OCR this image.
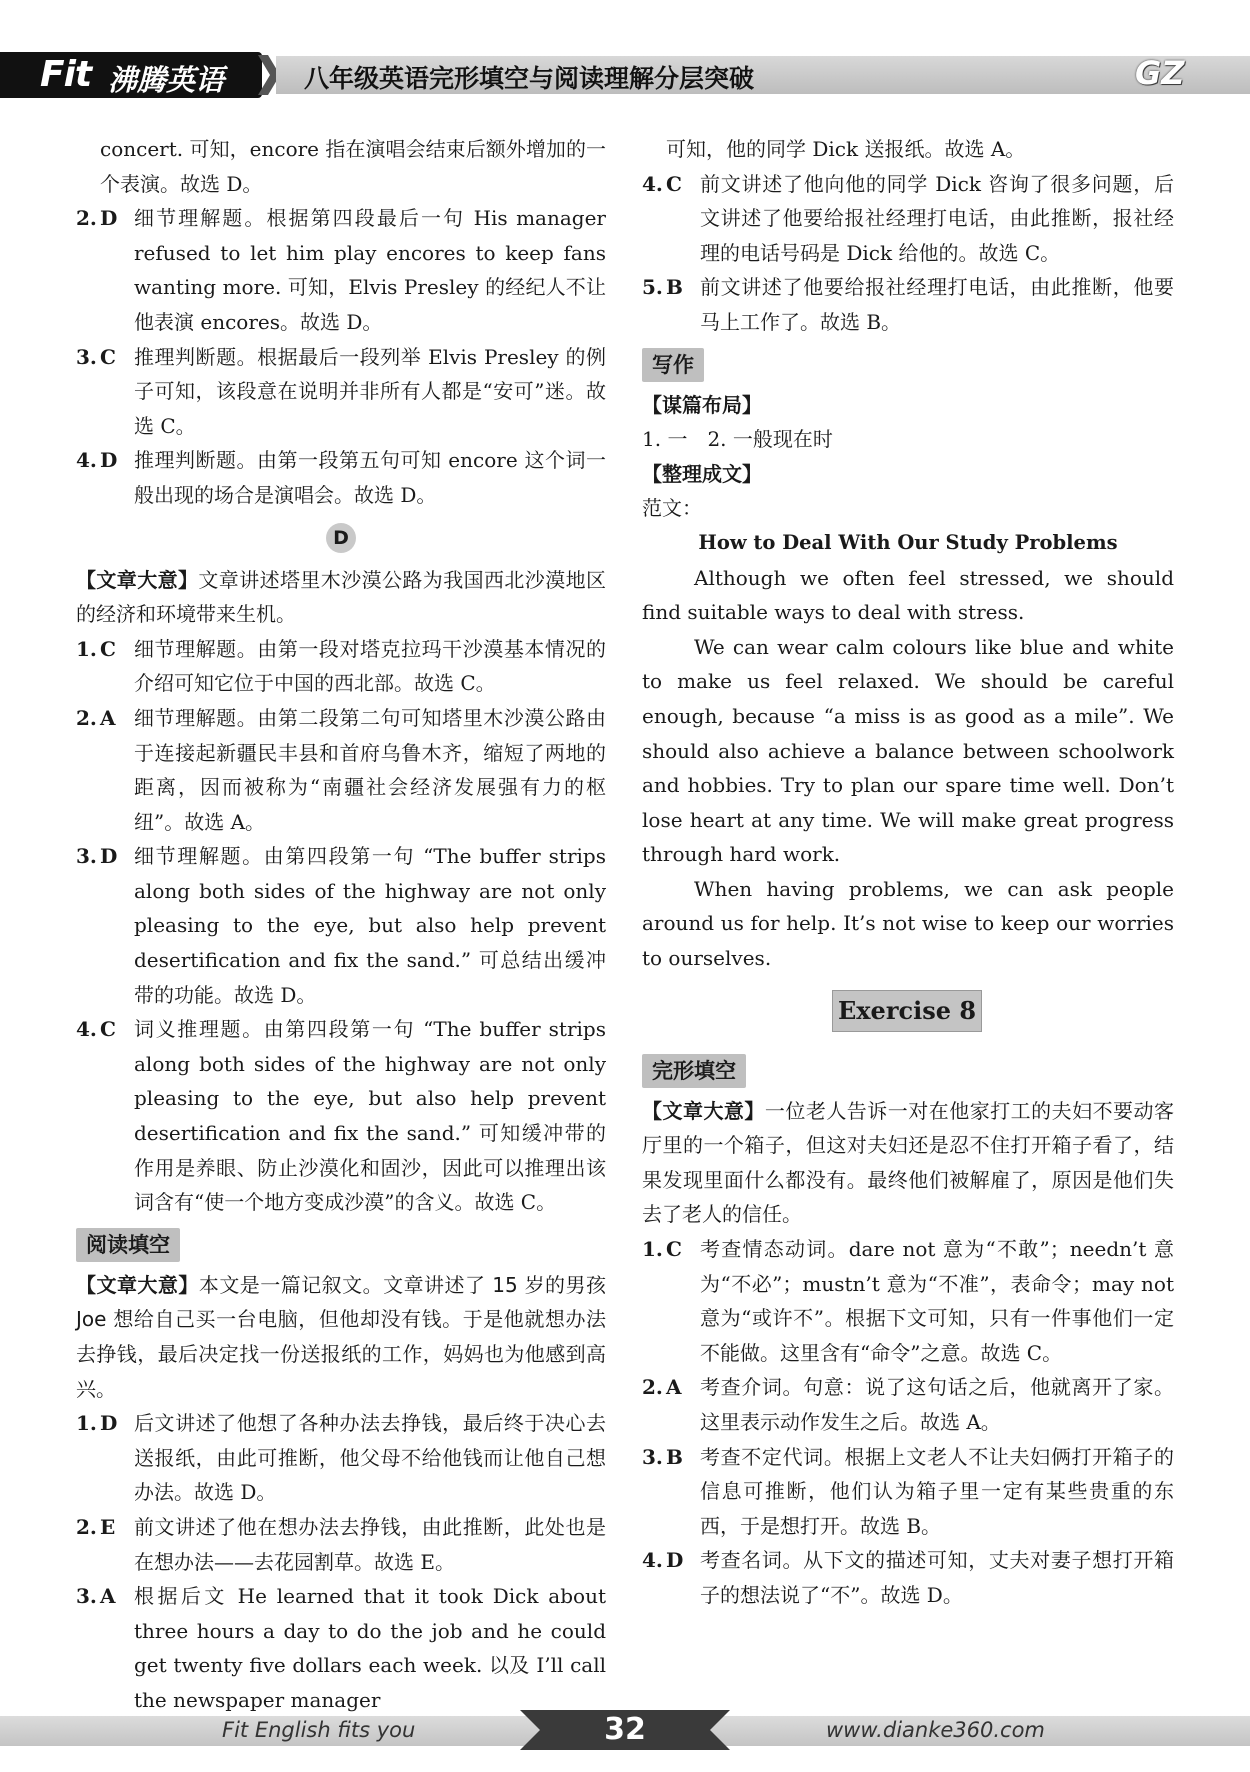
Fit 沸腾英语	八年级英语完形填空与阅读理解分层突破	GZ
concert. 可知，encore 指在演唱会结束后额外增加的一个表演。故选 D。
2. D 细节理解题。根据第四段最后一句 His manager refused to let him play encores to keep fans wanting more. 可知，Elvis Presley 的经纪人不让他表演 encores。故选 D。
3. C 推理判断题。根据最后一段列举 Elvis Presley 的例子可知，该段意在说明并非所有人都是“安可”迷。故选 C。
4. D 推理判断题。由第一段第五句可知 encore 这个词一般出现的场合是演唱会。故选 D。
D
【文章大意】文章讲述塔里木沙漠公路为我国西北沙漠地区的经济和环境带来生机。
1. C 细节理解题。由第一段对塔克拉玛干沙漠基本情况的介绍可知它位于中国的西北部。故选 C。
2. A 细节理解题。由第二段第二句可知塔里木沙漠公路由于连接起新疆民丰县和首府乌鲁木齐，缩短了两地的距离，因而被称为“南疆社会经济发展强有力的枢纽”。故选 A。
3. D 细节理解题。由第四段第一句 “The buffer strips along both sides of the highway are not only pleasing to the eye, but also help prevent desertification and fix the sand.” 可总结出缓冲带的功能。故选 D。
4. C 词义推理题。由第四段第一句 “The buffer strips along both sides of the highway are not only pleasing to the eye, but also help prevent desertification and fix the sand.” 可知缓冲带的作用是养眼、防止沙漠化和固沙，因此可以推理出该词含有“使一个地方变成沙漠”的含义。故选 C。
阅读填空
【文章大意】本文是一篇记叙文。文章讲述了 15 岁的男孩 Joe 想给自己买一台电脑，但他却没有钱。于是他就想办法去挣钱，最后决定找一份送报纸的工作，妈妈也为他感到高兴。
1. D 后文讲述了他想了各种办法去挣钱，最后终于决心去送报纸，由此可推断，他父母不给他钱而让他自己想办法。故选 D。
2. E 前文讲述了他在想办法去挣钱，由此推断，此处也是在想办法——去花园割草。故选 E。
3. A 根据后文 He learned that it took Dick about three hours a day to do the job and he could get twenty five dollars each week. 以及 I’ll call the newspaper manager
可知，他的同学 Dick 送报纸。故选 A。
4. C 前文讲述了他向他的同学 Dick 咨询了很多问题，后文讲述了他要给报社经理打电话，由此推断，报社经理的电话号码是 Dick 给他的。故选 C。
5. B 前文讲述了他要给报社经理打电话，由此推断，他要马上工作了。故选 B。
写作
【谋篇布局】
1. 一　2. 一般现在时
【整理成文】
范文：
How to Deal With Our Study Problems
Although we often feel stressed, we should find suitable ways to deal with stress.
We can wear calm colours like blue and white to make us feel relaxed. We should be careful enough, because “a miss is as good as a mile”. We should also achieve a balance between schoolwork and hobbies. Try to plan our spare time well. Don’t lose heart at any time. We will make great progress through hard work.
When having problems, we can ask people around us for help. It’s not wise to keep our worries to ourselves.
Exercise 8
完形填空
【文章大意】一位老人告诉一对在他家打工的夫妇不要动客厅里的一个箱子，但这对夫妇还是忍不住打开箱子看了，结果发现里面什么都没有。最终他们被解雇了，原因是他们失去了老人的信任。
1. C 考查情态动词。dare not 意为“不敢”；needn’t 意为“不必”；mustn’t 意为“不准”，表命令；may not 意为“或许不”。根据下文可知，只有一件事他们一定不能做。这里含有“命令”之意。故选 C。
2. A 考查介词。句意：说了这句话之后，他就离开了家。这里表示动作发生之后。故选 A。
3. B 考查不定代词。根据上文老人不让夫妇俩打开箱子的信息可推断，他们认为箱子里一定有某些贵重的东西，于是想打开。故选 B。
4. D 考查名词。从下文的描述可知，丈夫对妻子想打开箱子的想法说了“不”。故选 D。
Fit English fits you	32	www.dianke360.com
